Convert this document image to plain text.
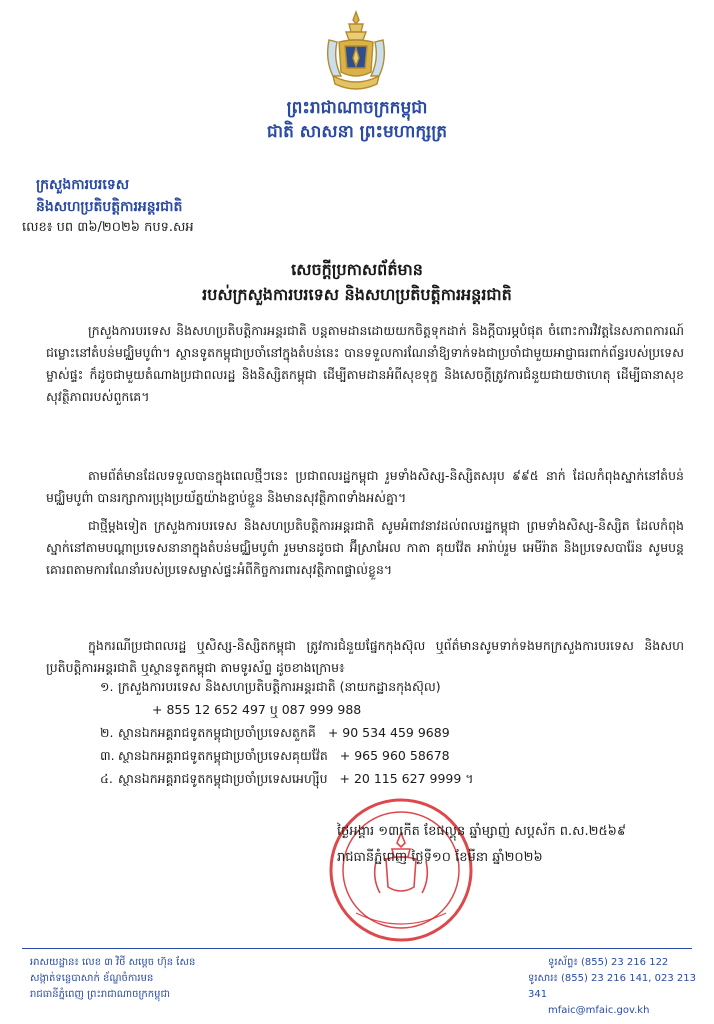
ព្រះរាជាណាចក្រកម្ពុជា
ជាតិ សាសនា ព្រះមហាក្សត្រ
ក្រសួងការបរទេស
និងសហប្រតិបត្តិការអន្តរជាតិ
លេខ៖ បព ៣៦/២០២៦ កបទ.សអ
សេចក្តីប្រកាសព័ត៌មាន
របស់ក្រសួងការបរទេស និងសហប្រតិបត្តិការអន្តរជាតិ

ក្រសួងការបរទេស និងសហប្រតិបត្តិការអន្តរជាតិ បន្តតាមដានដោយយកចិត្តទុកដាក់ និងក្តីបារម្ភបំផុត ចំពោះការវិវត្តនៃសភាពការណ៍ជម្លោះនៅតំបន់មជ្ឈិមបូព៌ា។ ស្ថានទូតកម្ពុជាប្រចាំនៅក្នុងតំបន់នេះ បានទទួលការណែនាំឱ្យទាក់ទងជាប្រចាំជាមួយអាជ្ញាធរពាក់ព័ន្ធរបស់ប្រទេសម្ចាស់ផ្ទះ ក៏ដូចជាមួយតំណាងប្រជាពលរដ្ឋ និងនិស្សិតកម្ពុជា ដើម្បីតាមដានអំពីសុខទុក្ខ និងសេចក្តីត្រូវការជំនួយជាយថាហេតុ ដើម្បីធានាសុខសុវត្ថិភាពរបស់ពួកគេ។

តាមព័ត៌មានដែលទទួលបានក្នុងពេលថ្មីៗនេះ ប្រជាពលរដ្ឋកម្ពុជា រួមទាំងសិស្ស-និស្សិតសរុប ៩៩៥ នាក់ ដែលកំពុងស្នាក់នៅតំបន់មជ្ឈិមបូព៌ា បានរក្សាការប្រុងប្រយ័ត្នយ៉ាងខ្ជាប់ខ្ជួន និងមានសុវត្ថិភាពទាំងអស់គ្នា។

ជាថ្មីម្តងទៀត ក្រសួងការបរទេស និងសហប្រតិបត្តិការអន្តរជាតិ សូមអំពាវនាវដល់ពលរដ្ឋកម្ពុជា ព្រមទាំងសិស្ស-និស្សិត ដែលកំពុងស្នាក់នៅតាមបណ្តាប្រទេសនានាក្នុងតំបន់មជ្ឈិមបូព៌ា រួមមានដូចជា អ៊ីស្រាអែល កាតា គុយវ៉ែត អារ៉ាប់រួម អេមីរ៉ាត និងប្រទេសបារ៉ែន សូមបន្តគោរពតាមការណែនាំរបស់ប្រទេសម្ចាស់ផ្ទះអំពីកិច្ចការពារសុវត្ថិភាពផ្ទាល់ខ្លួន។

ក្នុងករណីប្រជាពលរដ្ឋ ឬសិស្ស-និស្សិតកម្ពុជា ត្រូវការជំនួយផ្នែកកុងស៊ុល ឬព័ត៌មានសូមទាក់ទងមកក្រសួងការបរទេស និងសហប្រតិបត្តិការអន្តរជាតិ ឬស្ថានទូតកម្ពុជា តាមទូរស័ព្ទ ដូចខាងក្រោម៖

១. ក្រសួងការបរទេស និងសហប្រតិបត្តិការអន្តរជាតិ (នាយកដ្ឋានកុងស៊ុល)
+ 855 12 652 497 ឬ 087 999 988
២. ស្ថានឯកអគ្គរាជទូតកម្ពុជាប្រចាំប្រទេសតួកគី + 90 534 459 9689
៣. ស្ថានឯកអគ្គរាជទូតកម្ពុជាប្រចាំប្រទេសគុយវ៉ែត + 965 960 58678
៤. ស្ថានឯកអគ្គរាជទូតកម្ពុជាប្រចាំប្រទេសអេហ្ស៊ីប + 20 115 627 9999 ។
ថ្ងៃអង្គារ ១៣កើត ខែផល្គុន ឆ្នាំម្សាញ់ សប្តស័ក ព.ស.២៥៦៩
រាជធានីភ្នំពេញ ថ្ងៃទី១០ ខែមីនា ឆ្នាំ២០២៦
អាសយដ្ឋាន៖ លេខ ៣ វិថី សម្តេច ហ៊ុន សែន
សង្កាត់ទន្លេបាសាក់ ខ័ណ្ឌចំការមន
រាជធានីភ្នំពេញ ព្រះរាជាណាចក្រកម្ពុជា
ទូរស័ព្ទ៖ (855) 23 216 122
ទូរសារ៖ (855) 23 216 141, 023 213 341
mfaic@mfaic.gov.kh
